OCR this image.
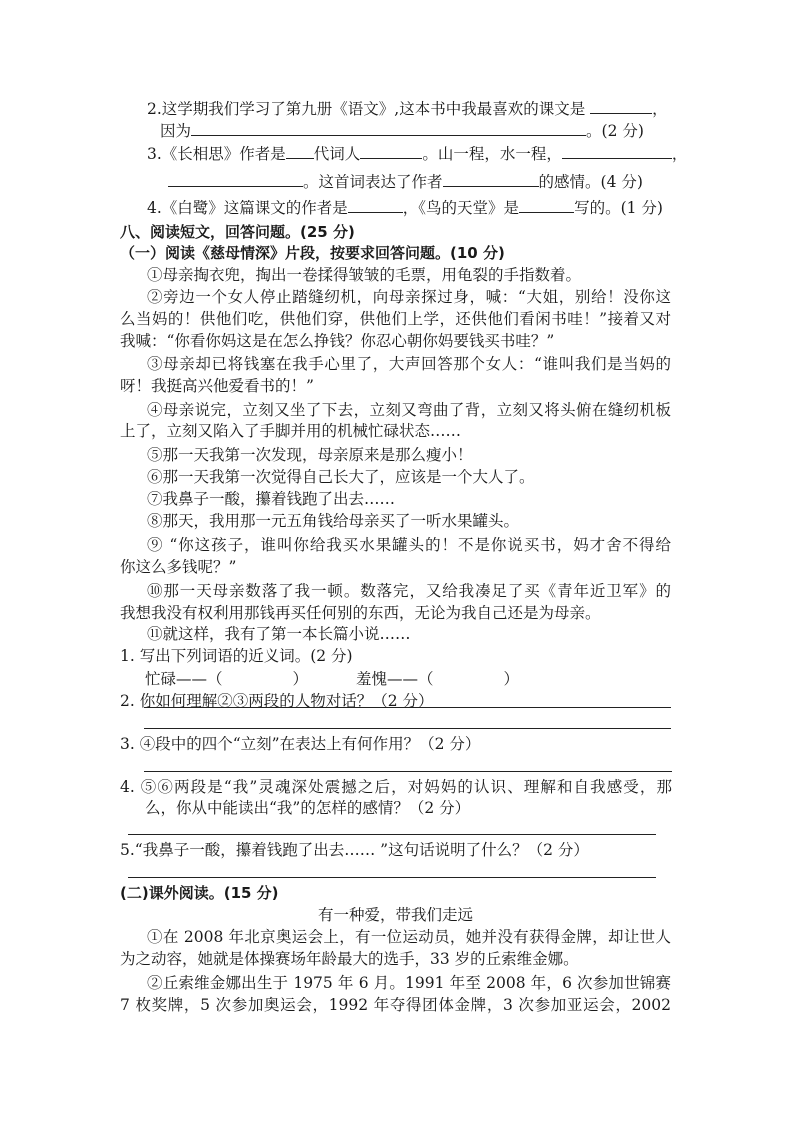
2.这学期我们学习了第九册《语文》,这本书中我最喜欢的课文是	，
因为	。(2 分)
3.《长相思》作者是 代词人	。山一程，水一程，	，
。这首词表达了作者	的感情。(4 分)
4.《白鹭》这篇课文的作者是	，《鸟的天堂》是	写的。(1 分)
八、阅读短文，回答问题。(25 分)
（一）阅读《慈母情深》片段，按要求回答问题。(10 分)
①母亲掏衣兜，掏出一卷揉得皱皱的毛票，用龟裂的手指数着。
②旁边一个女人停止踏缝纫机，向母亲探过身，喊：“大姐，别给！没你这
么当妈的！供他们吃，供他们穿，供他们上学，还供他们看闲书哇！”接着又对
我喊：“你看你妈这是在怎么挣钱？你忍心朝你妈要钱买书哇？”
③母亲却已将钱塞在我手心里了，大声回答那个女人：“谁叫我们是当妈的
呀！我挺高兴他爱看书的！”
④母亲说完，立刻又坐了下去，立刻又弯曲了背，立刻又将头俯在缝纫机板
上了，立刻又陷入了手脚并用的机械忙碌状态……
⑤那一天我第一次发现，母亲原来是那么瘦小！
⑥那一天我第一次觉得自己长大了，应该是一个大人了。
⑦我鼻子一酸，攥着钱跑了出去……
⑧那天，我用那一元五角钱给母亲买了一听水果罐头。
⑨ “你这孩子，谁叫你给我买水果罐头的！不是你说买书，妈才舍不得给
你这么多钱呢？”
⑩那一天母亲数落了我一顿。数落完，又给我凑足了买《青年近卫军》的
我想我没有权利用那钱再买任何别的东西，无论为我自己还是为母亲。
⑪就这样，我有了第一本长篇小说……
1. 写出下列词语的近义词。(2 分)
忙碌——（	）	羞愧——（	）
2. 你如何理解②③两段的人物对话？（2 分）
3. ④段中的四个“立刻”在表达上有何作用？（2 分）
4. ⑤⑥两段是“我”灵魂深处震撼之后，对妈妈的认识、理解和自我感受，那
么，你从中能读出“我”的怎样的感情？（2 分）
5.“我鼻子一酸，攥着钱跑了出去…… ”这句话说明了什么？（2 分）
(二)课外阅读。(15 分)
有一种爱，带我们走远
①在 2008 年北京奥运会上，有一位运动员，她并没有获得金牌，却让世人
为之动容，她就是体操赛场年龄最大的选手，33 岁的丘索维金娜。
②丘索维金娜出生于 1975 年 6 月。1991 年至 2008 年，6 次参加世锦赛
7 枚奖牌，5 次参加奥运会，1992 年夺得团体金牌，3 次参加亚运会，2002
